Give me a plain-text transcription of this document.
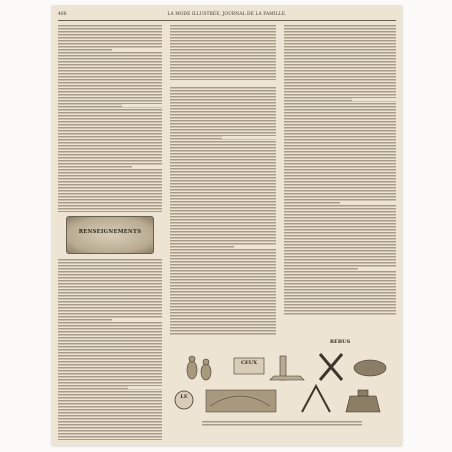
488	LA MODE ILLUSTRÉE, JOURNAL DE LA FAMILLE.
RENSEIGNEMENTS
RÉBUS
CEUX
LE
